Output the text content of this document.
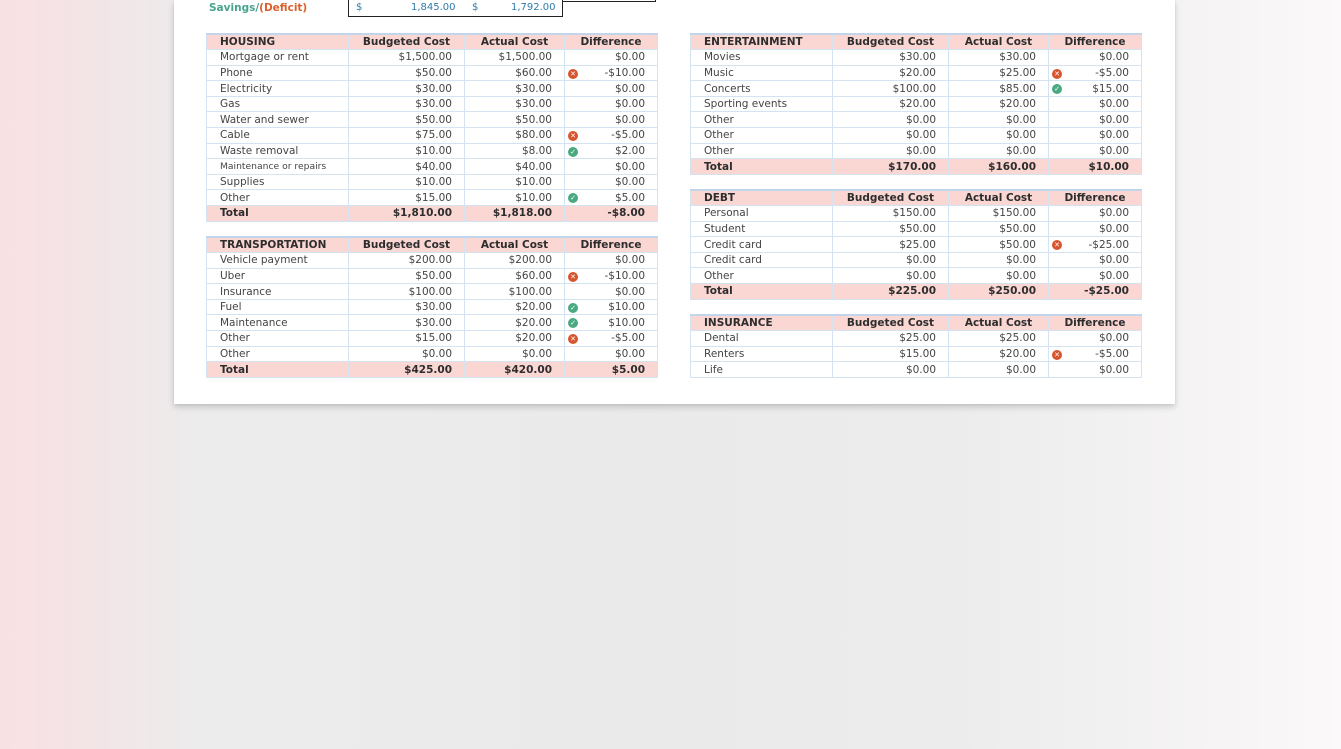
Savings/(Deficit)	$	1,845.00 $	1,792.00
HOUSING	Budgeted Cost	Actual Cost	Difference
Mortgage or rent	$1,500.00	$1,500.00	$0.00
Phone	$50.00	$60.00	✕ -$10.00
Electricity	$30.00	$30.00	$0.00
Gas	$30.00	$30.00	$0.00
Water and sewer	$50.00	$50.00	$0.00
Cable	$75.00	$80.00	✕ -$5.00
Waste removal	$10.00	$8.00	✓ $2.00
Maintenance or repairs	$40.00	$40.00	$0.00
Supplies	$10.00	$10.00	$0.00
Other	$15.00	$10.00	✓ $5.00
Total	$1,810.00	$1,818.00	-$8.00
TRANSPORTATION	Budgeted Cost	Actual Cost	Difference
Vehicle payment	$200.00	$200.00	$0.00
Uber	$50.00	$60.00	✕ -$10.00
Insurance	$100.00	$100.00	$0.00
Fuel	$30.00	$20.00	✓ $10.00
Maintenance	$30.00	$20.00	✓ $10.00
Other	$15.00	$20.00	✕ -$5.00
Other	$0.00	$0.00	$0.00
Total	$425.00	$420.00	$5.00
ENTERTAINMENT	Budgeted Cost	Actual Cost	Difference
Movies	$30.00	$30.00	$0.00
Music	$20.00	$25.00	✕ -$5.00
Concerts	$100.00	$85.00	✓ $15.00
Sporting events	$20.00	$20.00	$0.00
Other	$0.00	$0.00	$0.00
Other	$0.00	$0.00	$0.00
Other	$0.00	$0.00	$0.00
Total	$170.00	$160.00	$10.00
DEBT	Budgeted Cost	Actual Cost	Difference
Personal	$150.00	$150.00	$0.00
Student	$50.00	$50.00	$0.00
Credit card	$25.00	$50.00	✕ -$25.00
Credit card	$0.00	$0.00	$0.00
Other	$0.00	$0.00	$0.00
Total	$225.00	$250.00	-$25.00
INSURANCE	Budgeted Cost	Actual Cost	Difference
Dental	$25.00	$25.00	$0.00
Renters	$15.00	$20.00	✕ -$5.00
Life	$0.00	$0.00	$0.00
